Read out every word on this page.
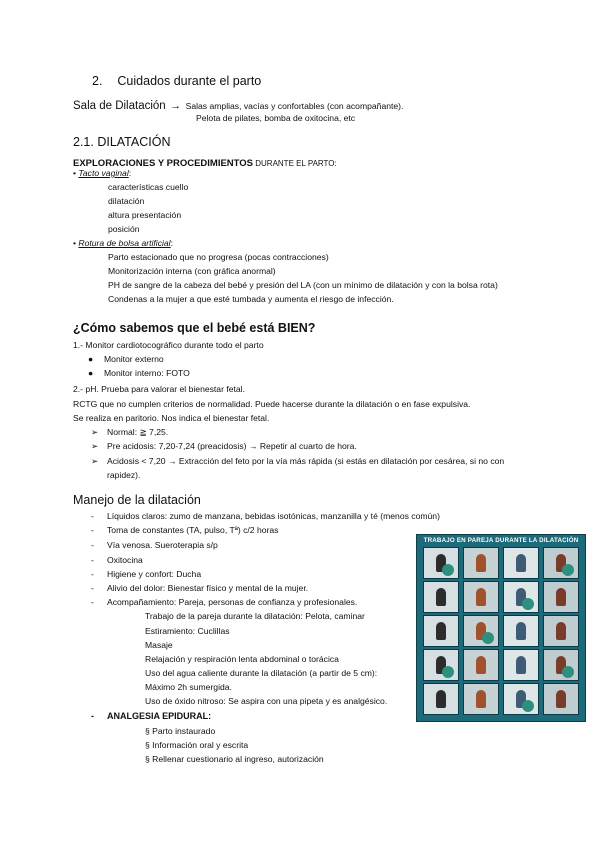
2. Cuidados durante el parto
Sala de Dilatación → Salas amplias, vacías y confortables (con acompañante).
Pelota de pilates, bomba de oxitocina, etc
2.1. DILATACIÓN
EXPLORACIONES Y PROCEDIMIENTOS DURANTE EL PARTO:
• Tacto vaginal:
características cuello
dilatación
altura presentación
posición
• Rotura de bolsa artificial:
Parto estacionado que no progresa (pocas contracciones)
Monitorización interna (con gráfica anormal)
PH de sangre de la cabeza del bebé y presión del LA (con un mínimo de dilatación y con la bolsa rota)
Condenas a la mujer a que esté tumbada y aumenta el riesgo de infección.
¿Cómo sabemos que el bebé está BIEN?
1.- Monitor cardiotocográfico durante todo el parto
● Monitor externo
● Monitor interno: FOTO
2.- pH. Prueba para valorar el bienestar fetal.
RCTG que no cumplen criterios de normalidad. Puede hacerse durante la dilatación o en fase expulsiva.
Se realiza en paritorio. Nos indica el bienestar fetal.
➢ Normal: ≧ 7,25.
➢ Pre acidosis: 7,20-7,24 (preacidosis) → Repetir al cuarto de hora.
➢ Acidosis < 7,20 → Extracción del feto por la vía más rápida (si estás en dilatación por cesárea, si no con
rapidez).
Manejo de la dilatación
- Líquidos claros: zumo de manzana, bebidas isotónicas, manzanilla y té (menos común)
- Toma de constantes (TA, pulso, Tª) c/2 horas
- Vía venosa. Sueroterapia s/p
- Oxitocina
- Higiene y confort: Ducha
- Alivio del dolor: Bienestar físico y mental de la mujer.
- Acompañamiento: Pareja, personas de confianza y profesionales.
Trabajo de la pareja durante la dilatación: Pelota, caminar
Estiramiento: Cuclillas
Masaje
Relajación y respiración lenta abdominal o torácica
Uso del agua caliente durante la dilatación (a partir de 5 cm):
Máximo 2h sumergida.
Uso de óxido nitroso: Se aspira con una pipeta y es analgésico.
- ANALGESIA EPIDURAL:
§ Parto instaurado
§ Información oral y escrita
§ Rellenar cuestionario al ingreso, autorización
TRABAJO EN PAREJA DURANTE LA DILATACIÓN
